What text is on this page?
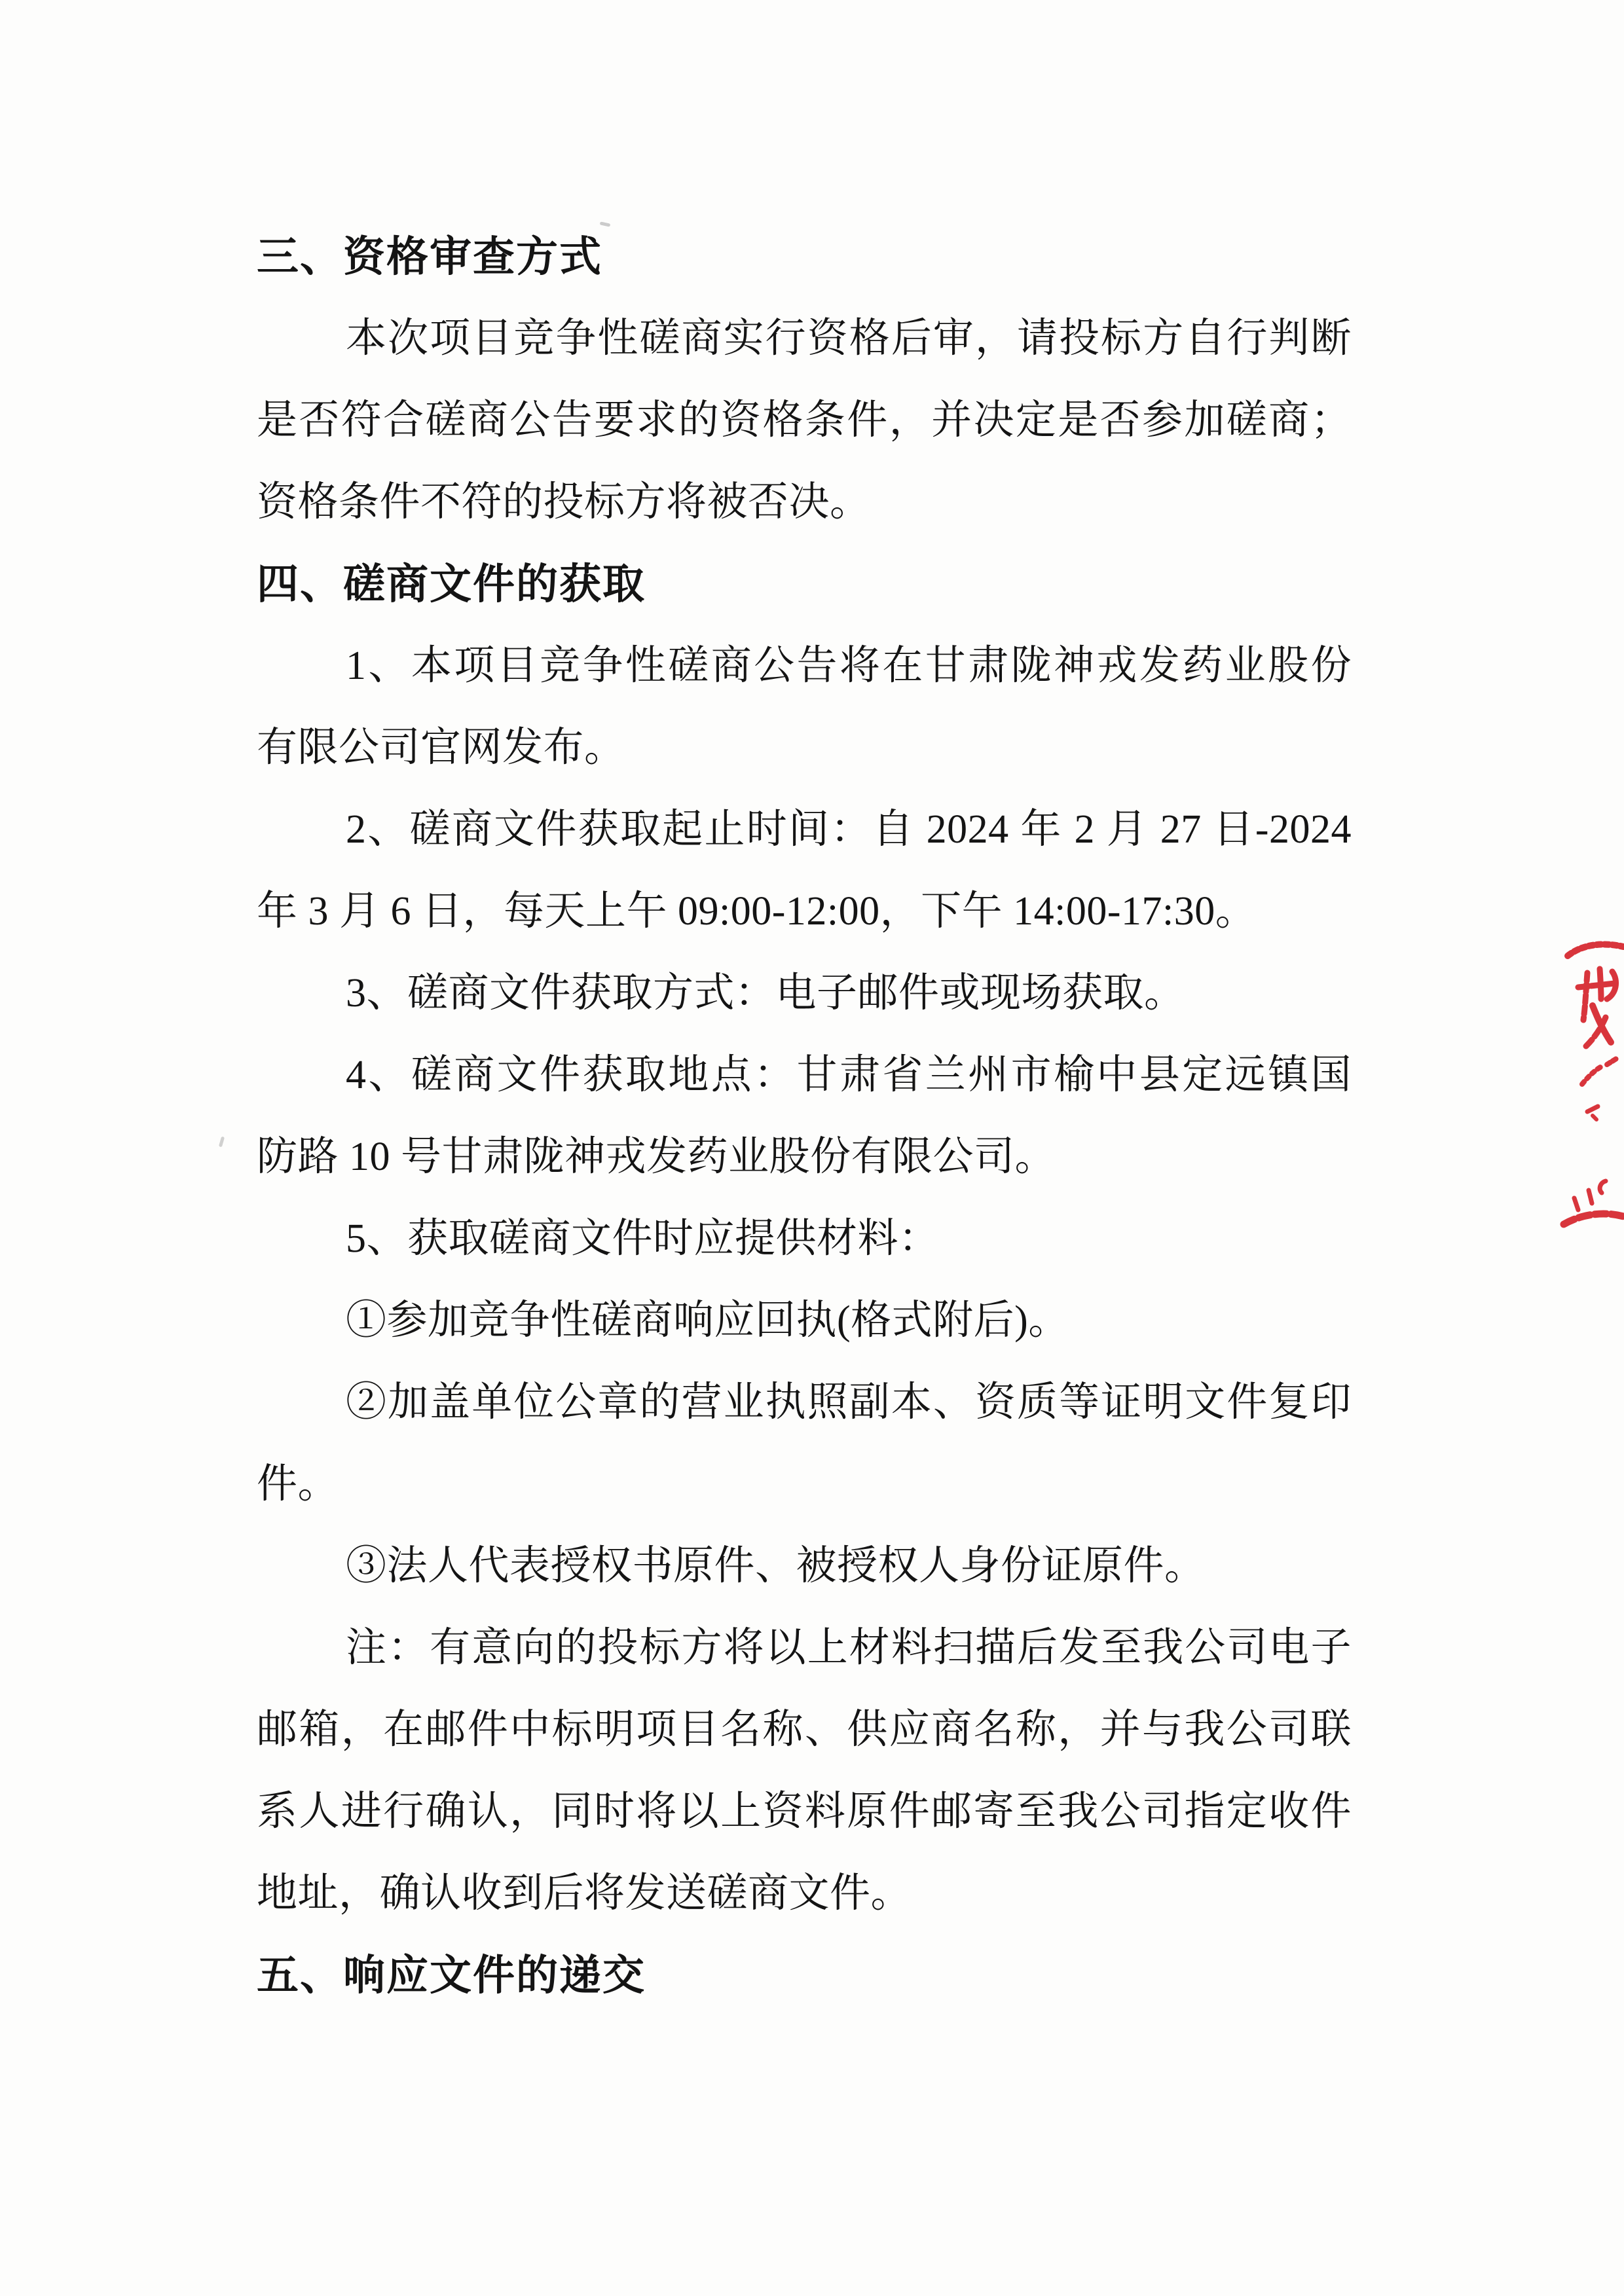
三、资格审查方式
本次项目竞争性磋商实行资格后审，请投标方自行判断
是否符合磋商公告要求的资格条件，并决定是否参加磋商；
资格条件不符的投标方将被否决。
四、磋商文件的获取
1、本项目竞争性磋商公告将在甘肃陇神戎发药业股份
有限公司官网发布。
2、磋商文件获取起止时间：自 2024 年 2 月 27 日-2024
年 3 月 6 日，每天上午 09:00-12:00，下午 14:00-17:30。
3、磋商文件获取方式：电子邮件或现场获取。
4、磋商文件获取地点：甘肃省兰州市榆中县定远镇国
防路 10 号甘肃陇神戎发药业股份有限公司。
5、获取磋商文件时应提供材料：
①参加竞争性磋商响应回执(格式附后)。
②加盖单位公章的营业执照副本、资质等证明文件复印
件。
③法人代表授权书原件、被授权人身份证原件。
注：有意向的投标方将以上材料扫描后发至我公司电子
邮箱，在邮件中标明项目名称、供应商名称，并与我公司联
系人进行确认，同时将以上资料原件邮寄至我公司指定收件
地址，确认收到后将发送磋商文件。
五、响应文件的递交
